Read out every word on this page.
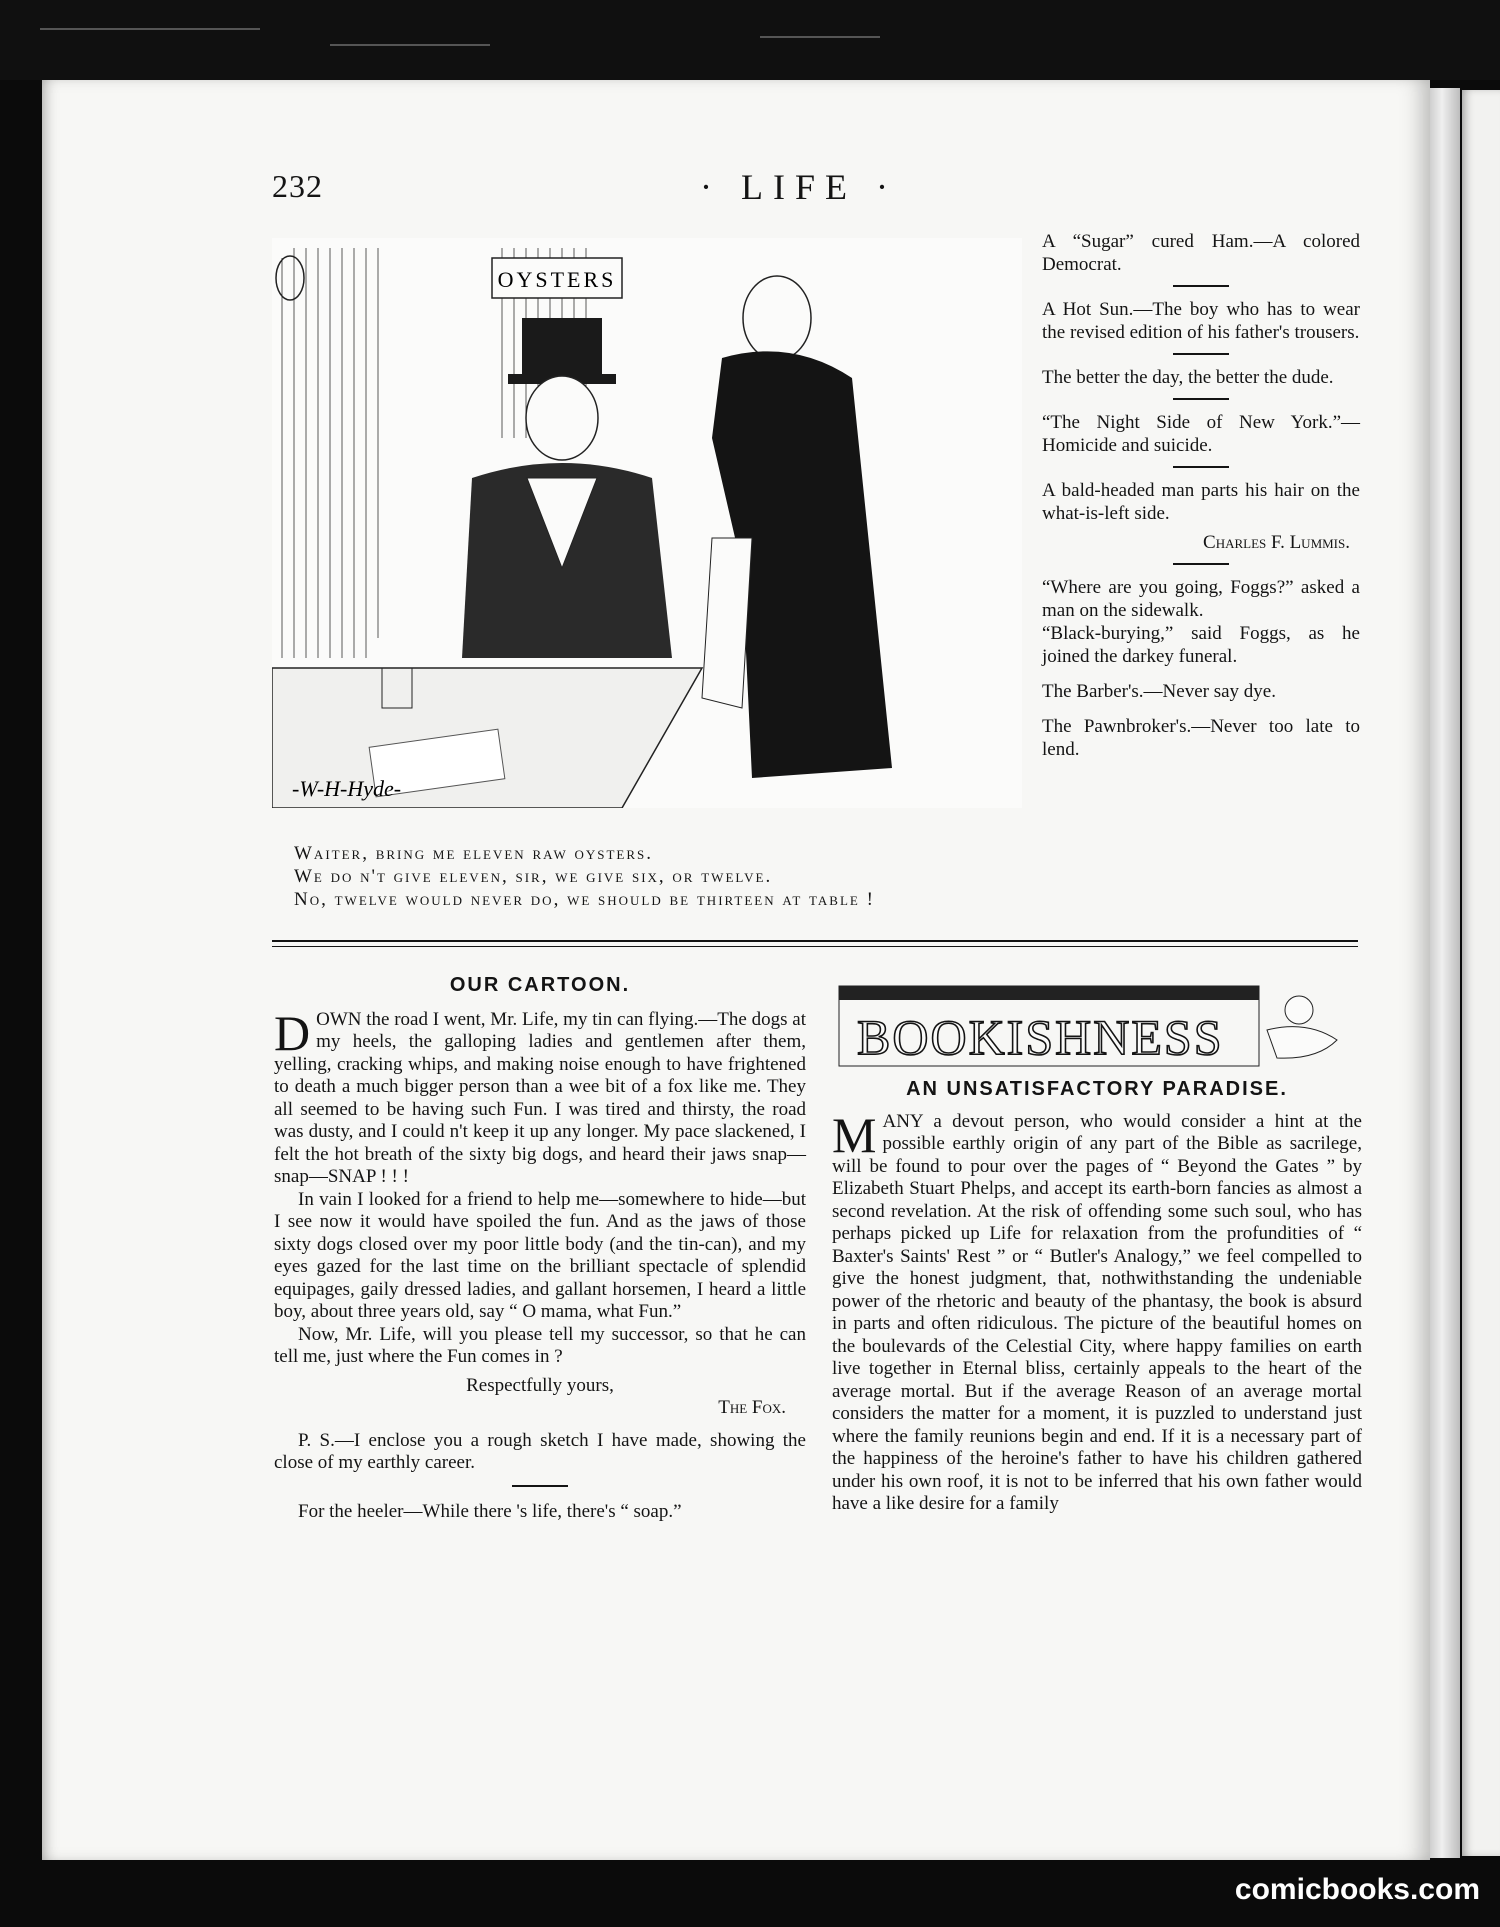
232	· LIFE ·
OYSTERS
-W-H-Hyde-
Waiter, bring me eleven raw oysters.
We do n't give eleven, sir, we give six, or twelve.
No, twelve would never do, we should be thirteen at table !
A “Sugar” cured Ham.—A colored Democrat.
A Hot Sun.—The boy who has to wear the revised edition of his father's trousers.
The better the day, the better the dude.
“The Night Side of New York.”—Homicide and suicide.
A bald-headed man parts his hair on the what-is-left side.
Charles F. Lummis.
“Where are you going, Foggs?” asked a man on the sidewalk.
“Black-burying,” said Foggs, as he joined the darkey funeral.
The Barber's.—Never say dye.
The Pawnbroker's.—Never too late to lend.
OUR CARTOON.
DOWN the road I went, Mr. Life, my tin can flying.—The dogs at my heels, the galloping ladies and gentlemen after them, yelling, cracking whips, and making noise enough to have frightened to death a much bigger person than a wee bit of a fox like me. They all seemed to be having such Fun. I was tired and thirsty, the road was dusty, and I could n't keep it up any longer. My pace slackened, I felt the hot breath of the sixty big dogs, and heard their jaws snap—snap—SNAP ! ! !
In vain I looked for a friend to help me—somewhere to hide—but I see now it would have spoiled the fun. And as the jaws of those sixty dogs closed over my poor little body (and the tin-can), and my eyes gazed for the last time on the brilliant spectacle of splendid equipages, gaily dressed ladies, and gallant horsemen, I heard a little boy, about three years old, say “ O mama, what Fun.”
Now, Mr. Life, will you please tell my successor, so that he can tell me, just where the Fun comes in ?
Respectfully yours,
The Fox.
P. S.—I enclose you a rough sketch I have made, showing the close of my earthly career.
For the heeler—While there 's life, there's “ soap.”
BOOKISHNESS
AN UNSATISFACTORY PARADISE.
MANY a devout person, who would consider a hint at the possible earthly origin of any part of the Bible as sacrilege, will be found to pour over the pages of “ Beyond the Gates ” by Elizabeth Stuart Phelps, and accept its earth-born fancies as almost a second revelation. At the risk of offending some such soul, who has perhaps picked up Life for relaxation from the profundities of “ Baxter's Saints' Rest ” or “ Butler's Analogy,” we feel compelled to give the honest judgment, that, nothwithstanding the undeniable power of the rhetoric and beauty of the phantasy, the book is absurd in parts and often ridiculous. The picture of the beautiful homes on the boulevards of the Celestial City, where happy families on earth live together in Eternal bliss, certainly appeals to the heart of the average mortal. But if the average Reason of an average mortal considers the matter for a moment, it is puzzled to understand just where the family reunions begin and end. If it is a necessary part of the happiness of the heroine's father to have his children gathered under his own roof, it is not to be inferred that his own father would have a like desire for a family
comicbooks.com
